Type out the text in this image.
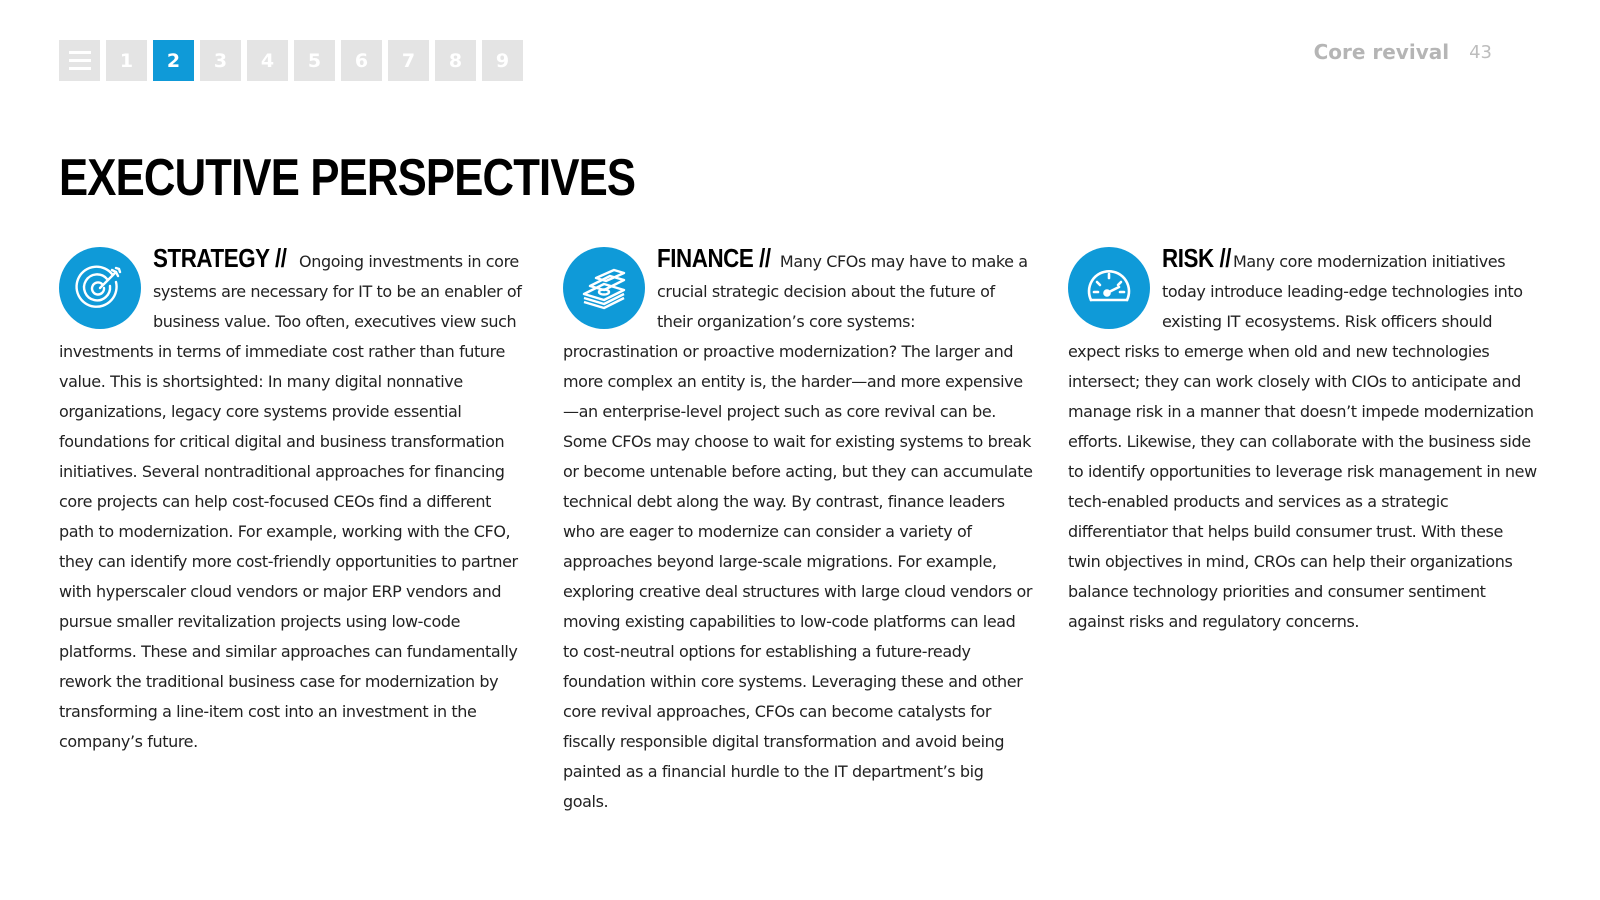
1	2	3	4	5	6	7	8	9	Core revival 43
EXECUTIVE PERSPECTIVES
STRATEGY // Ongoing investments in core systems are necessary for IT to be an enabler of business value. Too often, executives view such investments in terms of immediate cost rather than future value. This is shortsighted: In many digital nonnative organizations, legacy core systems provide essential foundations for critical digital and business transformation initiatives. Several nontraditional approaches for financing core projects can help cost-focused CEOs find a different path to modernization. For example, working with the CFO, they can identify more cost-friendly opportunities to partner with hyperscaler cloud vendors or major ERP vendors and pursue smaller revitalization projects using low-code platforms. These and similar approaches can fundamentally rework the traditional business case for modernization by transforming a line-item cost into an investment in the company’s future.
FINANCE // Many CFOs may have to make a crucial strategic decision about the future of their organization’s core systems: procrastination or proactive modernization? The larger and more complex an entity is, the harder—and more expensive—an enterprise-level project such as core revival can be. Some CFOs may choose to wait for existing systems to break or become untenable before acting, but they can accumulate technical debt along the way. By contrast, finance leaders who are eager to modernize can consider a variety of approaches beyond large-scale migrations. For example, exploring creative deal structures with large cloud vendors or moving existing capabilities to low-code platforms can lead to cost-neutral options for establishing a future-ready foundation within core systems. Leveraging these and other core revival approaches, CFOs can become catalysts for fiscally responsible digital transformation and avoid being painted as a financial hurdle to the IT department’s big goals.
RISK // Many core modernization initiatives today introduce leading-edge technologies into existing IT ecosystems. Risk officers should expect risks to emerge when old and new technologies intersect; they can work closely with CIOs to anticipate and manage risk in a manner that doesn’t impede modernization efforts. Likewise, they can collaborate with the business side to identify opportunities to leverage risk management in new tech-enabled products and services as a strategic differentiator that helps build consumer trust. With these twin objectives in mind, CROs can help their organizations balance technology priorities and consumer sentiment against risks and regulatory concerns.
